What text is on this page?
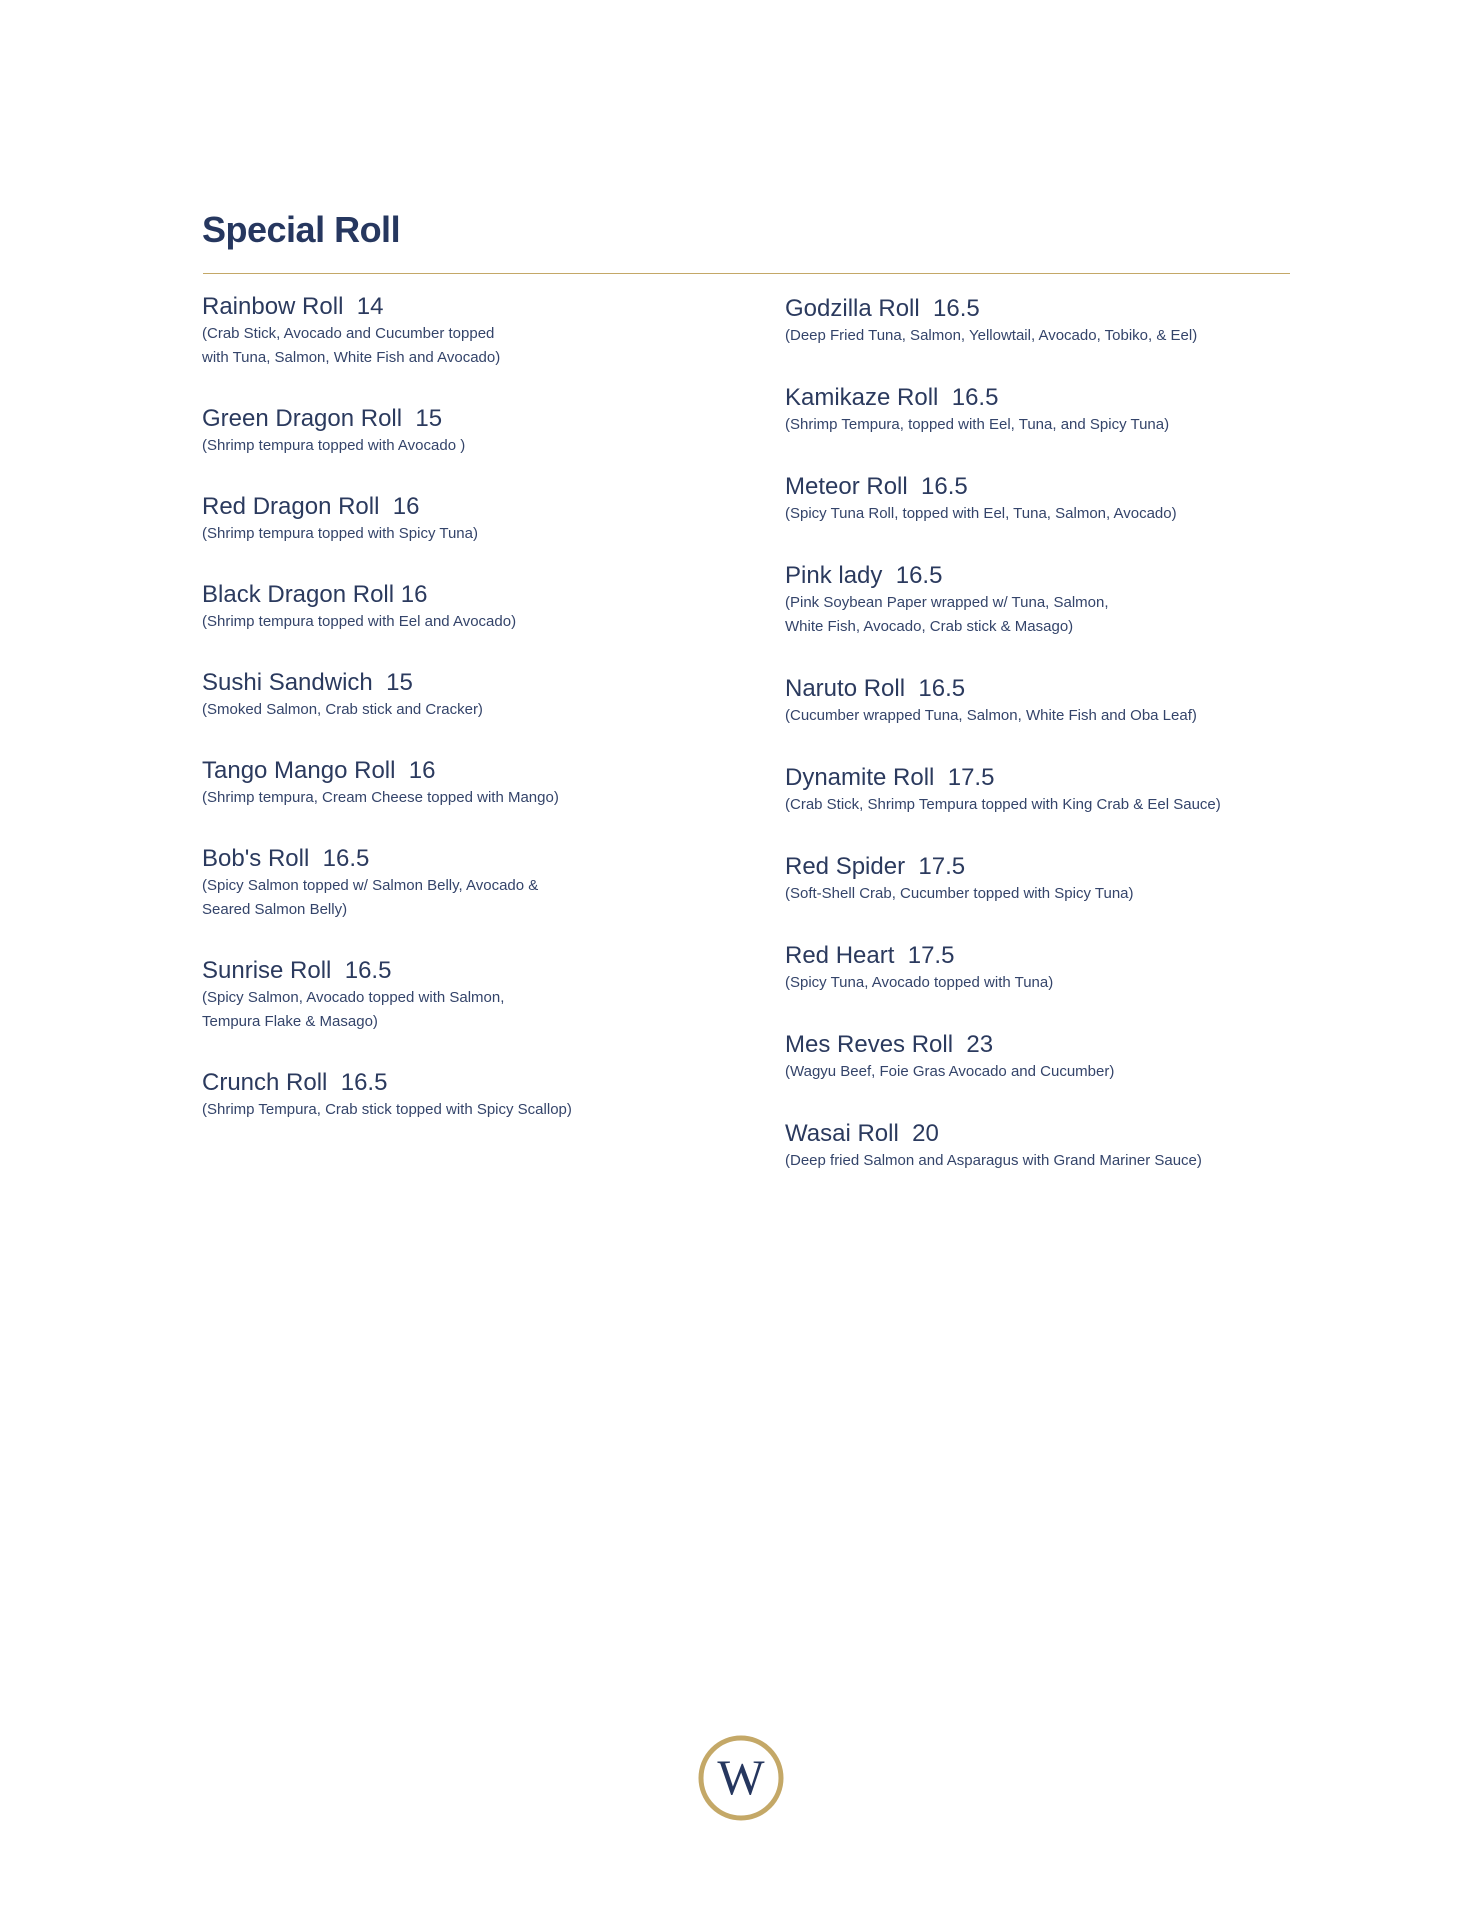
Special Roll
Rainbow Roll  14
(Crab Stick, Avocado and Cucumber topped
with Tuna, Salmon, White Fish and Avocado)
Green Dragon Roll  15
(Shrimp tempura topped with Avocado )
Red Dragon Roll  16
(Shrimp tempura topped with Spicy Tuna)
Black Dragon Roll 16
(Shrimp tempura topped with Eel and Avocado)
Sushi Sandwich  15
(Smoked Salmon, Crab stick and Cracker)
Tango Mango Roll  16
(Shrimp tempura, Cream Cheese topped with Mango)
Bob's Roll  16.5
(Spicy Salmon topped w/ Salmon Belly, Avocado &
Seared Salmon Belly)
Sunrise Roll  16.5
(Spicy Salmon, Avocado topped with Salmon,
Tempura Flake & Masago)
Crunch Roll  16.5
(Shrimp Tempura, Crab stick topped with Spicy Scallop)
Godzilla Roll  16.5
(Deep Fried Tuna, Salmon, Yellowtail, Avocado, Tobiko, & Eel)
Kamikaze Roll  16.5
(Shrimp Tempura, topped with Eel, Tuna, and Spicy Tuna)
Meteor Roll  16.5
(Spicy Tuna Roll, topped with Eel, Tuna, Salmon, Avocado)
Pink lady  16.5
(Pink Soybean Paper wrapped w/ Tuna, Salmon,
White Fish, Avocado, Crab stick & Masago)
Naruto Roll  16.5
(Cucumber wrapped Tuna, Salmon, White Fish and Oba Leaf)
Dynamite Roll  17.5
(Crab Stick, Shrimp Tempura topped with King Crab & Eel Sauce)
Red Spider  17.5
(Soft-Shell Crab, Cucumber topped with Spicy Tuna)
Red Heart  17.5
(Spicy Tuna, Avocado topped with Tuna)
Mes Reves Roll  23
(Wagyu Beef, Foie Gras Avocado and Cucumber)
Wasai Roll  20
(Deep fried Salmon and Asparagus with Grand Mariner Sauce)
W
